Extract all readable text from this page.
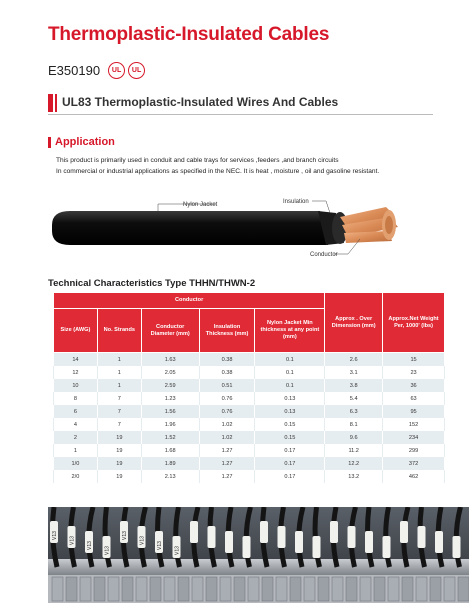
Thermoplastic-Insulated Cables
E350190	UL	UL
UL83 Thermoplastic-Insulated Wires And Cables
Application
This product is primarily used in conduit and cable trays for services ,feeders ,and branch circuits
In commercial or industrial applications as specified in the NEC. It is heat , moisture , oil and gasoline resistant.
Nylon Jacket	Insulation
Conductor
Technical Characteristics Type THHN/THWN-2
Conductor					Approx . Over Dimension (mm)	Approx.Net Weight Per, 1000' (lbs)
Size (AWG)	No. Strands	Conductor Diameter (mm)	Insulation Thickness (mm)	Nylon Jacket Min thickness at any point (mm)		
14	1	1.63	0.38	0.1	2.6	15
12	1	2.05	0.38	0.1	3.1	23
10	1	2.59	0.51	0.1	3.8	36
8	7	1.23	0.76	0.13	5.4	63
6	7	1.56	0.76	0.13	6.3	95
4	7	1.96	1.02	0.15	8.1	152
2	19	1.52	1.02	0.15	9.6	234
1	19	1.68	1.27	0.17	11.2	299
1/0	19	1.89	1.27	0.17	12.2	372
2/0	19	2.13	1.27	0.17	13.2	462
V13
V13
V13
V13
V13
V13
V13
V13
